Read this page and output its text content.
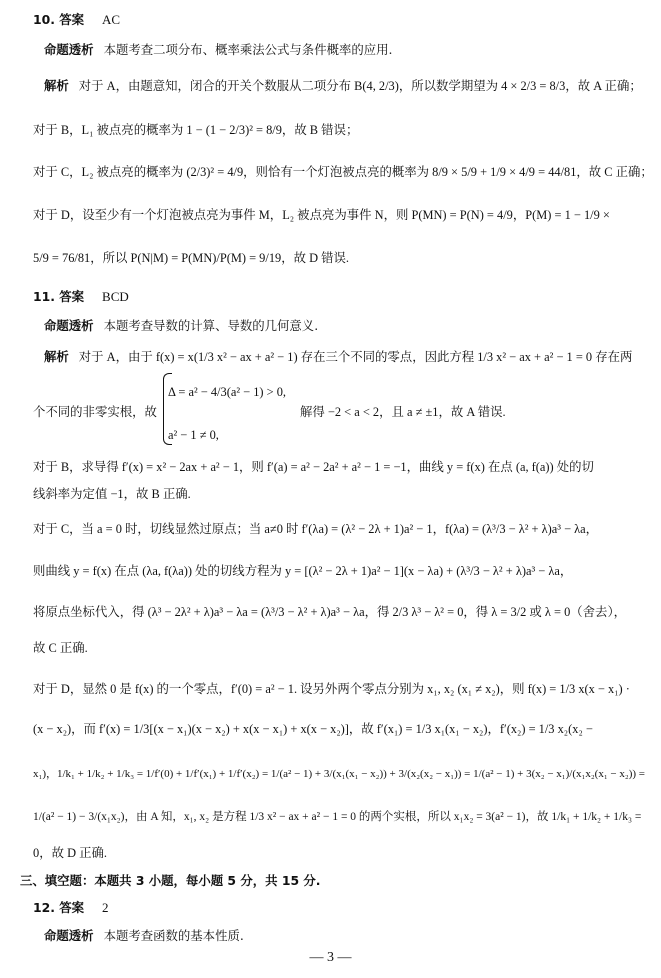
10. 答案 AC
命题透析 本题考查二项分布、概率乘法公式与条件概率的应用.
解析 对于 A，由题意知，闭合的开关个数服从二项分布 B(4, 2/3)，所以数学期望为 4 × 2/3 = 8/3，故 A 正确；
对于 B，L₁ 被点亮的概率为 1 − (1 − 2/3)² = 8/9，故 B 错误；
对于 C，L₂ 被点亮的概率为 (2/3)² = 4/9，则恰有一个灯泡被点亮的概率为 8/9 × 5/9 + 1/9 × 4/9 = 44/81，故 C 正确；
对于 D，设至少有一个灯泡被点亮为事件 M，L₂ 被点亮为事件 N，则 P(MN) = P(N) = 4/9，P(M) = 1 − 1/9 ×
5/9 = 76/81，所以 P(N|M) = P(MN)/P(M) = 9/19，故 D 错误.
11. 答案 BCD
命题透析 本题考查导数的计算、导数的几何意义.
解析 对于 A，由于 f(x) = x(1/3 x² − ax + a² − 1) 存在三个不同的零点，因此方程 1/3 x² − ax + a² − 1 = 0 存在两
Δ = a² − 4/3(a² − 1) > 0,
个不同的非零实根，故	解得 −2 < a < 2，且 a ≠ ±1，故 A 错误.
a² − 1 ≠ 0,
对于 B，求导得 f′(x) = x² − 2ax + a² − 1，则 f′(a) = a² − 2a² + a² − 1 = −1，曲线 y = f(x) 在点 (a, f(a)) 处的切
线斜率为定值 −1，故 B 正确.
对于 C，当 a = 0 时，切线显然过原点；当 a≠0 时 f′(λa) = (λ² − 2λ + 1)a² − 1，f(λa) = (λ³/3 − λ² + λ)a³ − λa，
则曲线 y = f(x) 在点 (λa, f(λa)) 处的切线方程为 y = [(λ² − 2λ + 1)a² − 1](x − λa) + (λ³/3 − λ² + λ)a³ − λa，
将原点坐标代入，得 (λ³ − 2λ² + λ)a³ − λa = (λ³/3 − λ² + λ)a³ − λa，得 2/3 λ³ − λ² = 0，得 λ = 3/2 或 λ = 0（舍去），
故 C 正确.
对于 D，显然 0 是 f(x) 的一个零点，f′(0) = a² − 1. 设另外两个零点分别为 x₁, x₂ (x₁ ≠ x₂)，则 f(x) = 1/3 x(x − x₁) ·
(x − x₂)，而 f′(x) = 1/3[(x − x₁)(x − x₂) + x(x − x₁) + x(x − x₂)]，故 f′(x₁) = 1/3 x₁(x₁ − x₂)，f′(x₂) = 1/3 x₂(x₂ −
x₁)，1/k₁ + 1/k₂ + 1/k₃ = 1/f′(0) + 1/f′(x₁) + 1/f′(x₂) = 1/(a² − 1) + 3/(x₁(x₁ − x₂)) + 3/(x₂(x₂ − x₁)) = 1/(a² − 1) + 3(x₂ − x₁)/(x₁x₂(x₁ − x₂)) =
1/(a² − 1) − 3/(x₁x₂)，由 A 知，x₁, x₂ 是方程 1/3 x² − ax + a² − 1 = 0 的两个实根，所以 x₁x₂ = 3(a² − 1)，故 1/k₁ + 1/k₂ + 1/k₃ =
0，故 D 正确.
三、填空题：本题共 3 小题，每小题 5 分，共 15 分.
12. 答案 2
命题透析 本题考查函数的基本性质.
— 3 —
